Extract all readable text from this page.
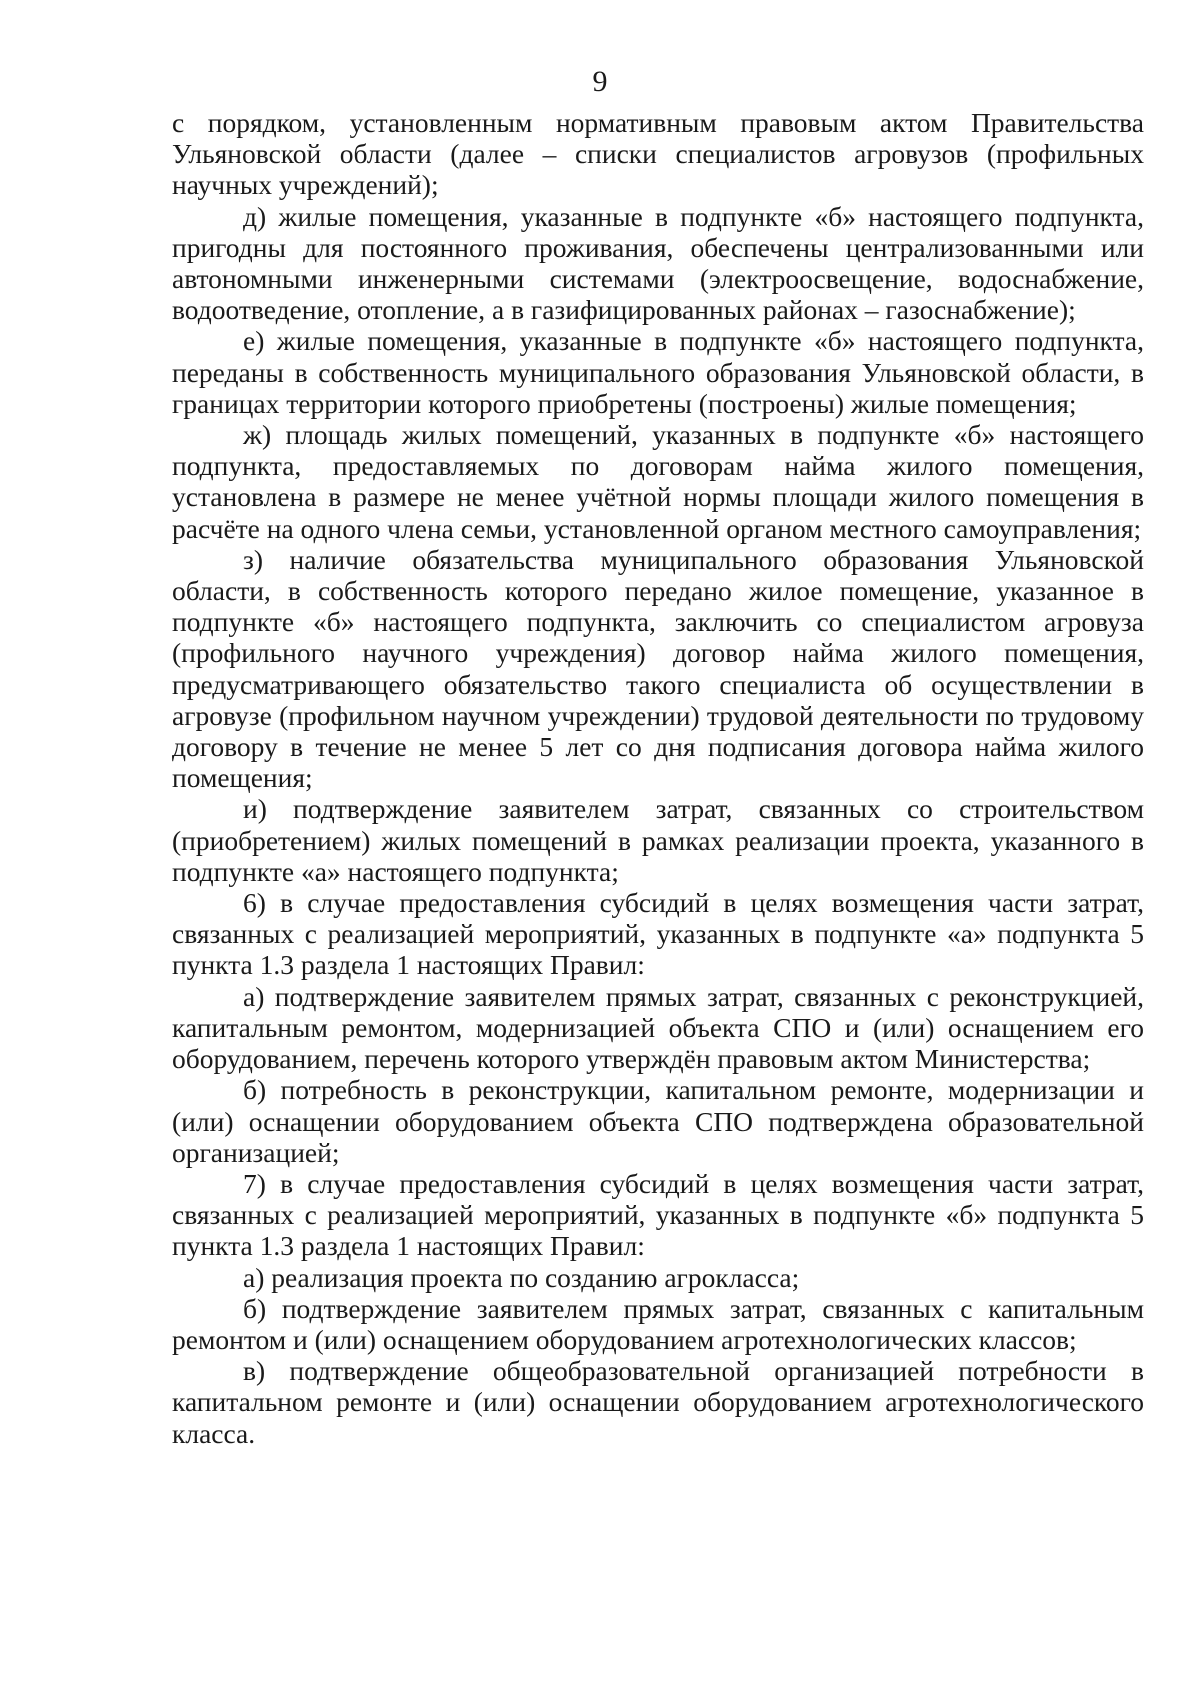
9

с порядком, установленным нормативным правовым актом Правительства Ульяновской области (далее – списки специалистов агровузов (профильных научных учреждений);

д) жилые помещения, указанные в подпункте «б» настоящего подпункта, пригодны для постоянного проживания, обеспечены централизованными или автономными инженерными системами (электроосвещение, водоснабжение, водоотведение, отопление, а в газифицированных районах – газоснабжение);

е) жилые помещения, указанные в подпункте «б» настоящего подпункта, переданы в собственность муниципального образования Ульяновской области, в границах территории которого приобретены (построены) жилые помещения;

ж) площадь жилых помещений, указанных в подпункте «б» настоящего подпункта, предоставляемых по договорам найма жилого помещения, установлена в размере не менее учётной нормы площади жилого помещения в расчёте на одного члена семьи, установленной органом местного самоуправления;

з) наличие обязательства муниципального образования Ульяновской области, в собственность которого передано жилое помещение, указанное в подпункте «б» настоящего подпункта, заключить со специалистом агровуза (профильного научного учреждения) договор найма жилого помещения, предусматривающего обязательство такого специалиста об осуществлении в агровузе (профильном научном учреждении) трудовой деятельности по трудовому договору в течение не менее 5 лет со дня подписания договора найма жилого помещения;

и) подтверждение заявителем затрат, связанных со строительством (приобретением) жилых помещений в рамках реализации проекта, указанного в подпункте «а» настоящего подпункта;

6) в случае предоставления субсидий в целях возмещения части затрат, связанных с реализацией мероприятий, указанных в подпункте «а» подпункта 5 пункта 1.3 раздела 1 настоящих Правил:

а) подтверждение заявителем прямых затрат, связанных с реконструкцией, капитальным ремонтом, модернизацией объекта СПО и (или) оснащением его оборудованием, перечень которого утверждён правовым актом Министерства;

б) потребность в реконструкции, капитальном ремонте, модернизации и (или) оснащении оборудованием объекта СПО подтверждена образовательной организацией;

7) в случае предоставления субсидий в целях возмещения части затрат, связанных с реализацией мероприятий, указанных в подпункте «б» подпункта 5 пункта 1.3 раздела 1 настоящих Правил:

а) реализация проекта по созданию агрокласса;

б) подтверждение заявителем прямых затрат, связанных с капитальным ремонтом и (или) оснащением оборудованием агротехнологических классов;

в) подтверждение общеобразовательной организацией потребности в капитальном ремонте и (или) оснащении оборудованием агротехнологического класса.
